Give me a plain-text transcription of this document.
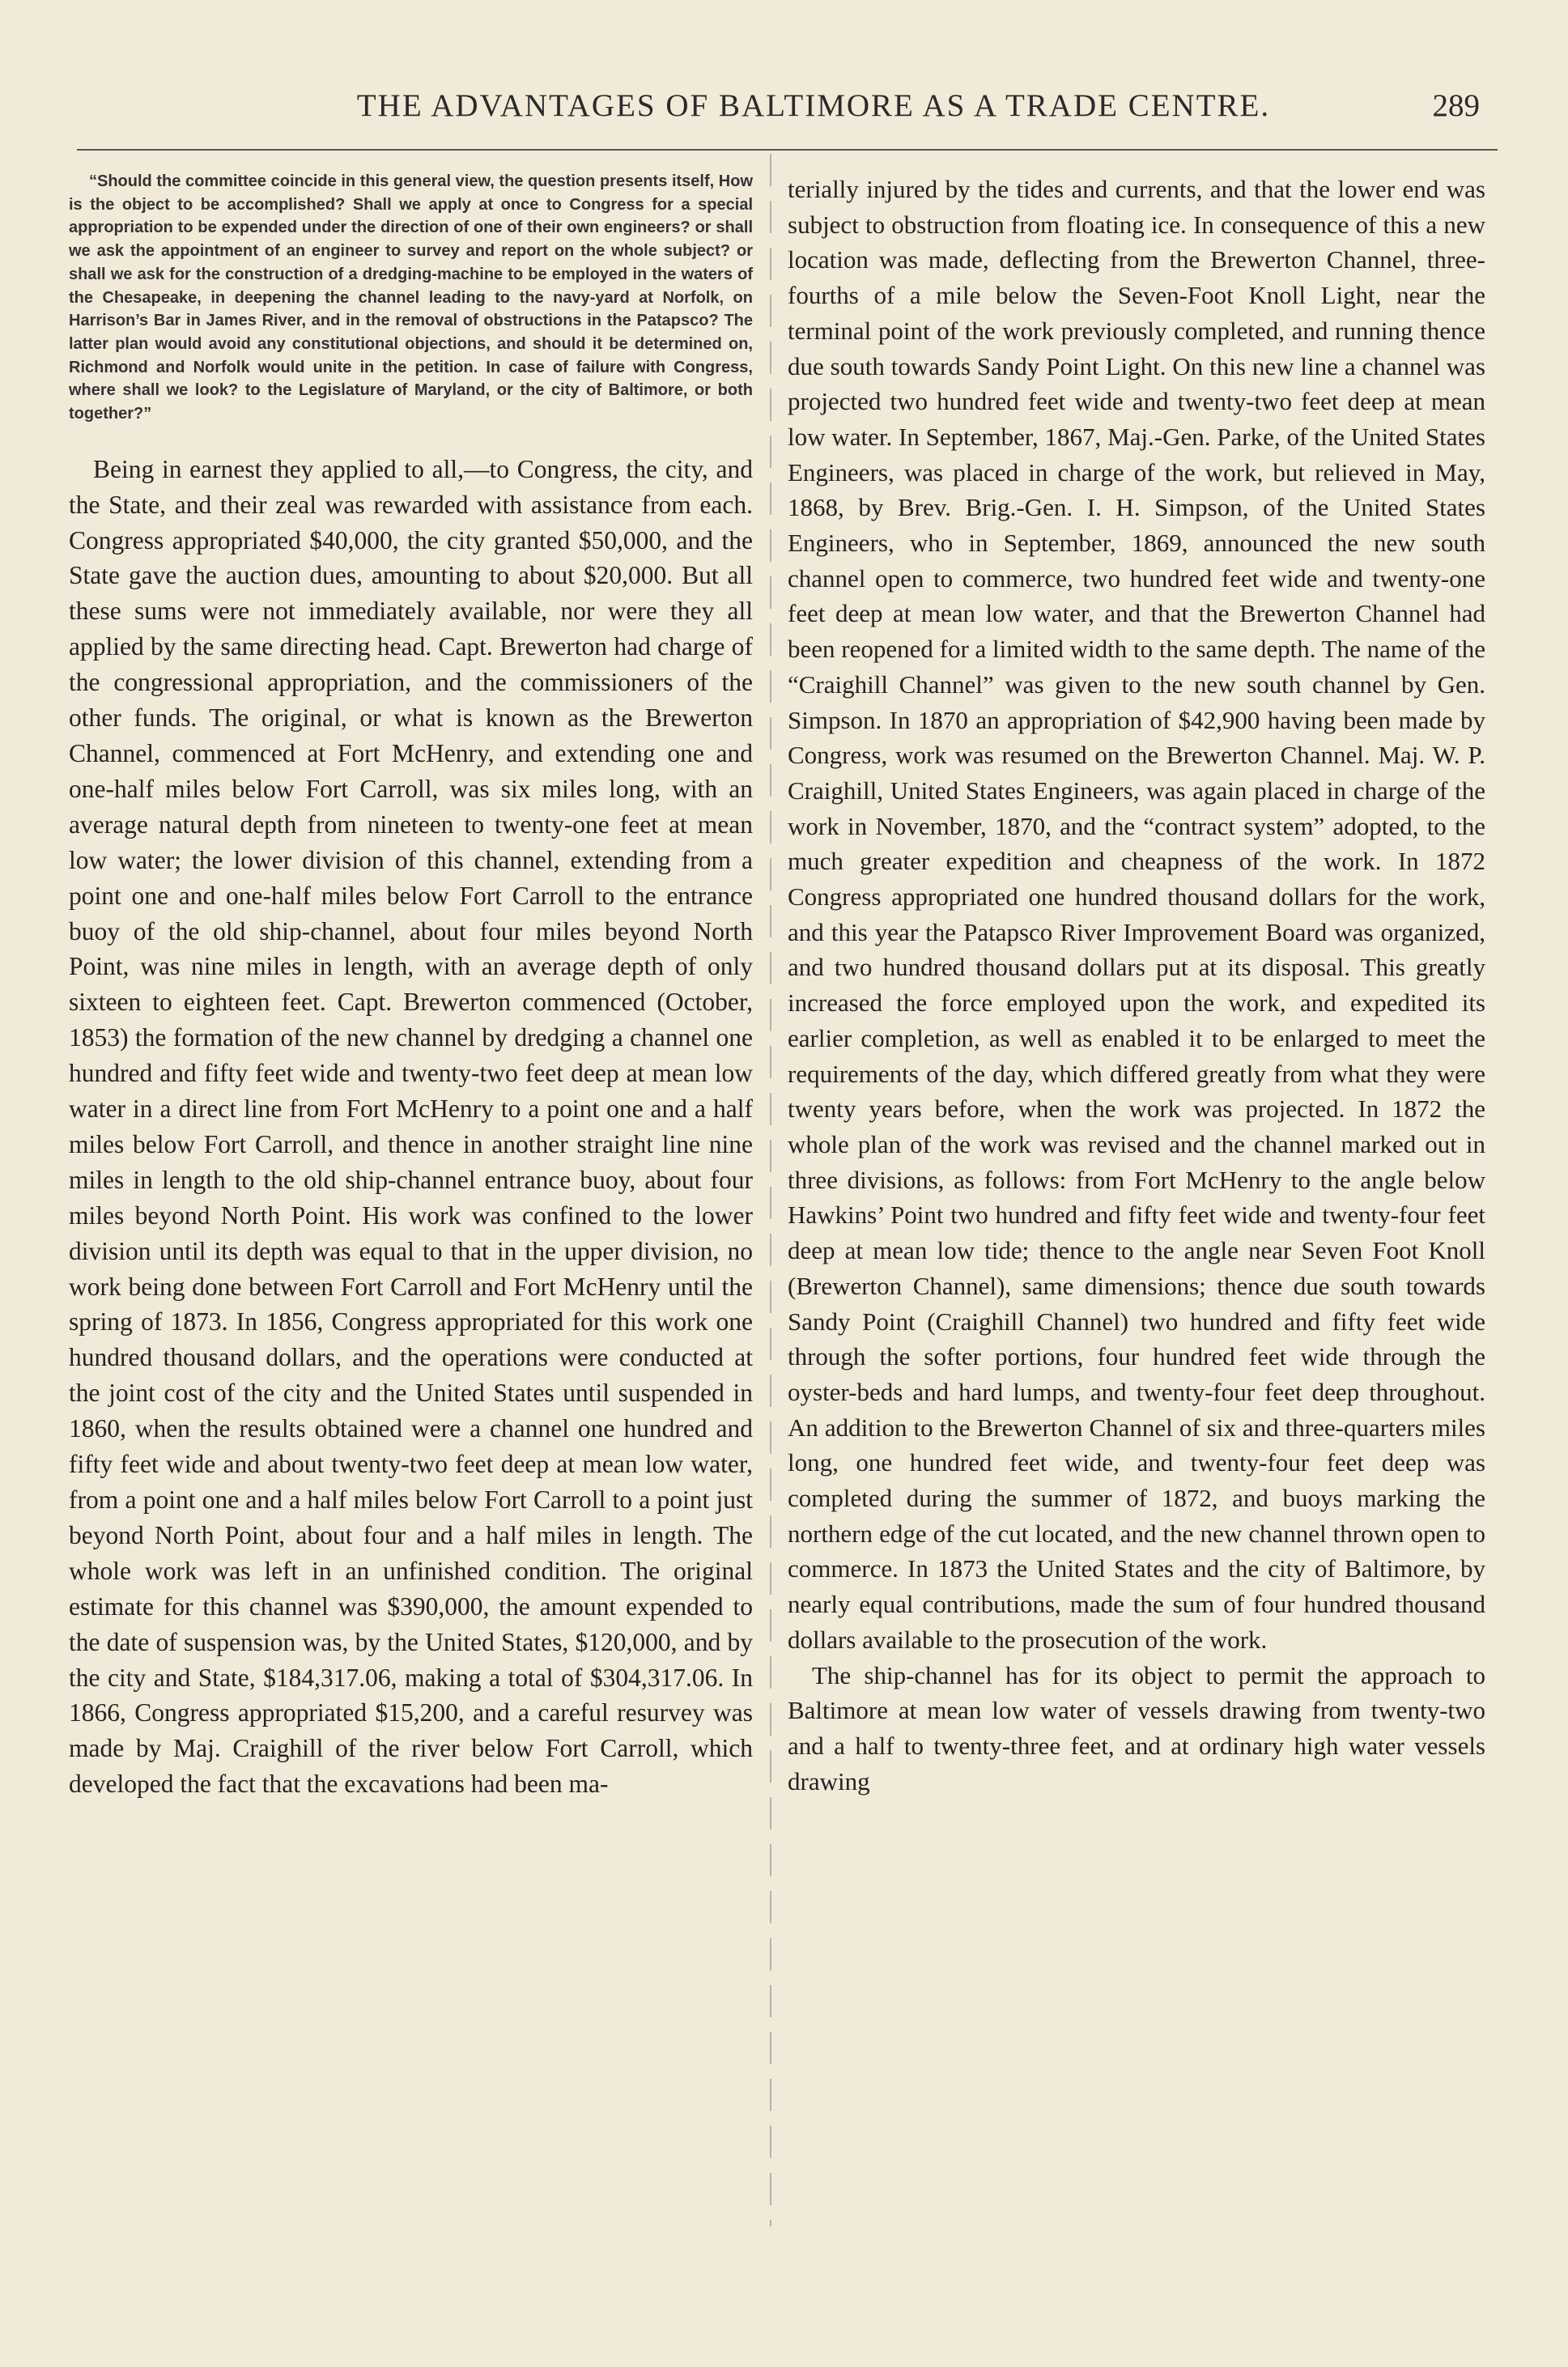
THE ADVANTAGES OF BALTIMORE AS A TRADE CENTRE.	289

“Should the committee coincide in this general view, the question presents itself, How is the object to be accomplished? Shall we apply at once to Congress for a special appropriation to be expended under the direction of one of their own engineers? or shall we ask the appointment of an engineer to survey and report on the whole subject? or shall we ask for the construction of a dredging-machine to be employed in the waters of the Chesapeake, in deepening the channel leading to the navy-yard at Norfolk, on Harrison’s Bar in James River, and in the removal of obstructions in the Patapsco? The latter plan would avoid any constitutional objections, and should it be determined on, Richmond and Norfolk would unite in the petition. In case of failure with Congress, where shall we look? to the Legislature of Maryland, or the city of Baltimore, or both together?”

Being in earnest they applied to all,—to Congress, the city, and the State, and their zeal was rewarded with assistance from each. Congress appropriated $40,000, the city granted $50,000, and the State gave the auction dues, amounting to about $20,000. But all these sums were not immediately available, nor were they all applied by the same directing head. Capt. Brewerton had charge of the congressional appropriation, and the commissioners of the other funds. The original, or what is known as the Brewerton Channel, commenced at Fort McHenry, and extending one and one-half miles below Fort Carroll, was six miles long, with an average natural depth from nineteen to twenty-one feet at mean low water; the lower division of this channel, extending from a point one and one-half miles below Fort Carroll to the entrance buoy of the old ship-channel, about four miles beyond North Point, was nine miles in length, with an average depth of only sixteen to eighteen feet. Capt. Brewerton commenced (October, 1853) the formation of the new channel by dredging a channel one hundred and fifty feet wide and twenty-two feet deep at mean low water in a direct line from Fort McHenry to a point one and a half miles below Fort Carroll, and thence in another straight line nine miles in length to the old ship-channel entrance buoy, about four miles beyond North Point. His work was confined to the lower division until its depth was equal to that in the upper division, no work being done between Fort Carroll and Fort McHenry until the spring of 1873. In 1856, Congress appropriated for this work one hundred thousand dollars, and the operations were conducted at the joint cost of the city and the United States until suspended in 1860, when the results obtained were a channel one hundred and fifty feet wide and about twenty-two feet deep at mean low water, from a point one and a half miles below Fort Carroll to a point just beyond North Point, about four and a half miles in length. The whole work was left in an unfinished condition. The original estimate for this channel was $390,000, the amount expended to the date of suspension was, by the United States, $120,000, and by the city and State, $184,317.06, making a total of $304,317.06. In 1866, Congress appropriated $15,200, and a careful resurvey was made by Maj. Craighill of the river below Fort Carroll, which developed the fact that the excavations had been ma-

terially injured by the tides and currents, and that the lower end was subject to obstruction from floating ice. In consequence of this a new location was made, deflecting from the Brewerton Channel, three-fourths of a mile below the Seven-Foot Knoll Light, near the terminal point of the work previously completed, and running thence due south towards Sandy Point Light. On this new line a channel was projected two hundred feet wide and twenty-two feet deep at mean low water. In September, 1867, Maj.-Gen. Parke, of the United States Engineers, was placed in charge of the work, but relieved in May, 1868, by Brev. Brig.-Gen. I. H. Simpson, of the United States Engineers, who in September, 1869, announced the new south channel open to commerce, two hundred feet wide and twenty-one feet deep at mean low water, and that the Brewerton Channel had been reopened for a limited width to the same depth. The name of the “Craighill Channel” was given to the new south channel by Gen. Simpson. In 1870 an appropriation of $42,900 having been made by Congress, work was resumed on the Brewerton Channel. Maj. W. P. Craighill, United States Engineers, was again placed in charge of the work in November, 1870, and the “contract system” adopted, to the much greater expedition and cheapness of the work. In 1872 Congress appropriated one hundred thousand dollars for the work, and this year the Patapsco River Improvement Board was organized, and two hundred thousand dollars put at its disposal. This greatly increased the force employed upon the work, and expedited its earlier completion, as well as enabled it to be enlarged to meet the requirements of the day, which differed greatly from what they were twenty years before, when the work was projected. In 1872 the whole plan of the work was revised and the channel marked out in three divisions, as follows: from Fort McHenry to the angle below Hawkins’ Point two hundred and fifty feet wide and twenty-four feet deep at mean low tide; thence to the angle near Seven Foot Knoll (Brewerton Channel), same dimensions; thence due south towards Sandy Point (Craighill Channel) two hundred and fifty feet wide through the softer portions, four hundred feet wide through the oyster-beds and hard lumps, and twenty-four feet deep throughout. An addition to the Brewerton Channel of six and three-quarters miles long, one hundred feet wide, and twenty-four feet deep was completed during the summer of 1872, and buoys marking the northern edge of the cut located, and the new channel thrown open to commerce. In 1873 the United States and the city of Baltimore, by nearly equal contributions, made the sum of four hundred thousand dollars available to the prosecution of the work.

The ship-channel has for its object to permit the approach to Baltimore at mean low water of vessels drawing from twenty-two and a half to twenty-three feet, and at ordinary high water vessels drawing
